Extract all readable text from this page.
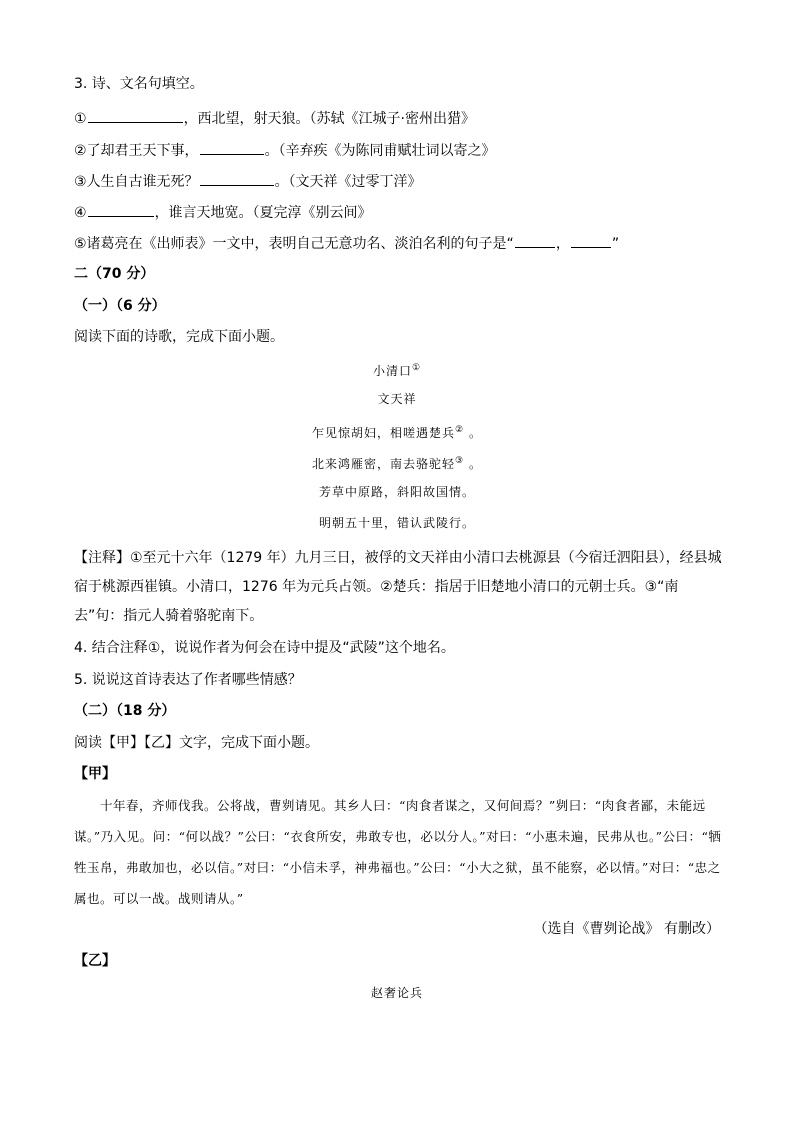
3. 诗、文名句填空。
①	，西北望，射天狼。（苏轼《江城子·密州出猎》
②了却君王天下事，	。（辛弃疾《为陈同甫赋壮词以寄之》
③人生自古谁无死？	。（文天祥《过零丁洋》
④	，谁言天地宽。（夏完淳《别云间》
⑤诸葛亮在《出师表》一文中，表明自己无意功名、淡泊名利的句子是“	，	”
二（70 分）
（一）（6 分）
阅读下面的诗歌，完成下面小题。
小清口①
文天祥
乍见惊胡妇，相嗟遇楚兵② 。
北来鸿雁密，南去骆驼轻③ 。
芳草中原路，斜阳故国情。
明朝五十里，错认武陵行。
【注释】①至元十六年（1279 年）九月三日，被俘的文天祥由小清口去桃源县（今宿迁泗阳县），经县城宿于桃源西崔镇。小清口，1276 年为元兵占领。②楚兵：指居于旧楚地小清口的元朝士兵。③“南去”句：指元人骑着骆驼南下。
4. 结合注释①，说说作者为何会在诗中提及“武陵”这个地名。
5. 说说这首诗表达了作者哪些情感？
（二）（18 分）
阅读【甲】【乙】文字，完成下面小题。
【甲】
十年春，齐师伐我。公将战，曹刿请见。其乡人曰：“肉食者谋之，又何间焉？”刿曰：“肉食者鄙，未能远谋。”乃入见。问：“何以战？”公曰：“衣食所安，弗敢专也，必以分人。”对曰：“小惠未遍，民弗从也。”公曰：“牺牲玉帛，弗敢加也，必以信。”对曰：“小信未孚，神弗福也。”公曰：“小大之狱，虽不能察，必以情。”对曰：“忠之属也。可以一战。战则请从。”
（选自《曹刿论战》 有删改）
【乙】
赵奢论兵
